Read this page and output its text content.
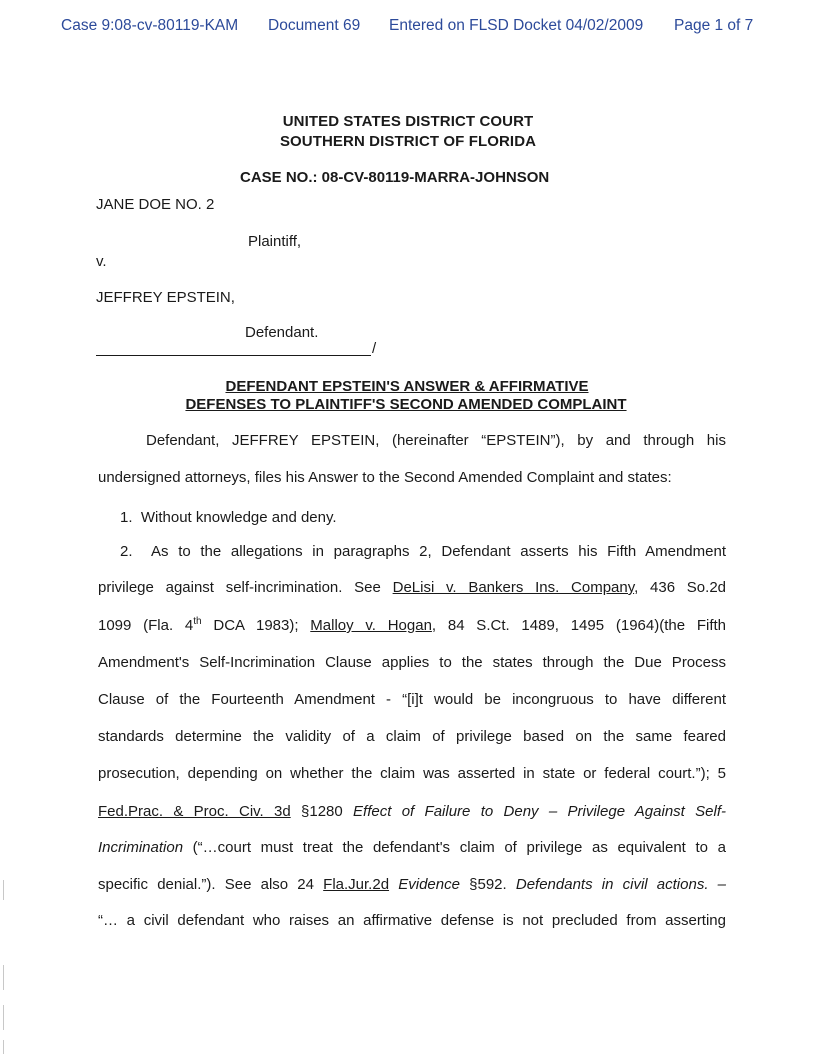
Case 9:08-cv-80119-KAM Document 69 Entered on FLSD Docket 04/02/2009 Page 1 of 7
UNITED STATES DISTRICT COURT
SOUTHERN DISTRICT OF FLORIDA
CASE NO.: 08-CV-80119-MARRA-JOHNSON
JANE DOE NO. 2
Plaintiff,
v.
JEFFREY EPSTEIN,
Defendant.
/
DEFENDANT EPSTEIN'S ANSWER & AFFIRMATIVE
DEFENSES TO PLAINTIFF'S SECOND AMENDED COMPLAINT
Defendant, JEFFREY EPSTEIN, (hereinafter “EPSTEIN”), by and through his
undersigned attorneys, files his Answer to the Second Amended Complaint and states:
1. Without knowledge and deny.
2. As to the allegations in paragraphs 2, Defendant asserts his Fifth Amendment
privilege against self-incrimination. See DeLisi v. Bankers Ins. Company, 436 So.2d
1099 (Fla. 4th DCA 1983); Malloy v. Hogan, 84 S.Ct. 1489, 1495 (1964)(the Fifth
Amendment's Self-Incrimination Clause applies to the states through the Due Process
Clause of the Fourteenth Amendment - “[i]t would be incongruous to have different
standards determine the validity of a claim of privilege based on the same feared
prosecution, depending on whether the claim was asserted in state or federal court.”); 5
Fed.Prac. & Proc. Civ. 3d §1280 Effect of Failure to Deny – Privilege Against Self-
Incrimination (“…court must treat the defendant's claim of privilege as equivalent to a
specific denial.”). See also 24 Fla.Jur.2d Evidence §592. Defendants in civil actions. –
“… a civil defendant who raises an affirmative defense is not precluded from asserting
